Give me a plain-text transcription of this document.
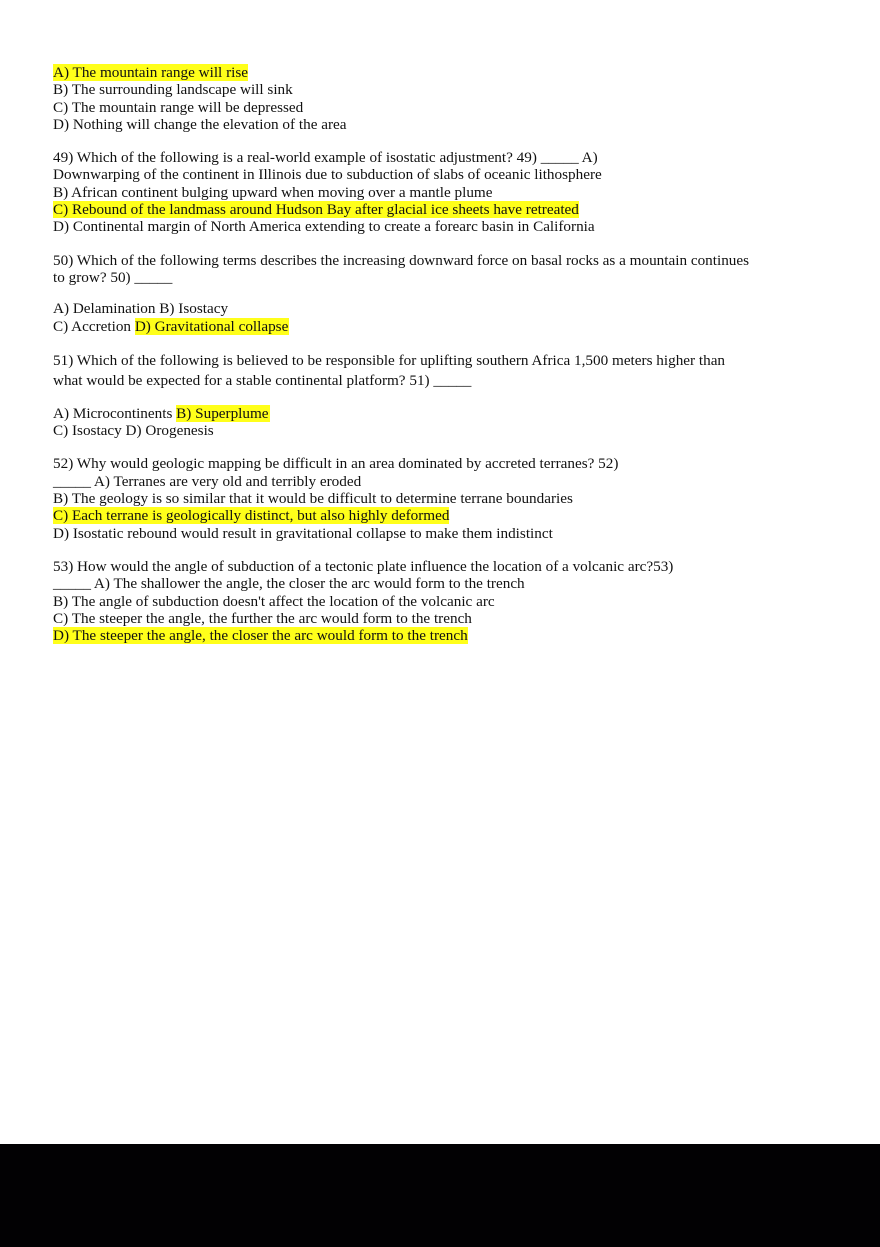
A) The mountain range will rise
B) The surrounding landscape will sink
C) The mountain range will be depressed
D) Nothing will change the elevation of the area
49) Which of the following is a real-world example of isostatic adjustment? 49) _____ A)
Downwarping of the continent in Illinois due to subduction of slabs of oceanic lithosphere
B) African continent bulging upward when moving over a mantle plume
C) Rebound of the landmass around Hudson Bay after glacial ice sheets have retreated
D) Continental margin of North America extending to create a forearc basin in California
50) Which of the following terms describes the increasing downward force on basal rocks as a mountain continues
to grow? 50) _____
A) Delamination B) Isostacy
C) Accretion D) Gravitational collapse
51) Which of the following is believed to be responsible for uplifting southern Africa 1,500 meters higher than
what would be expected for a stable continental platform? 51) _____
A) Microcontinents B) Superplume
C) Isostacy D) Orogenesis
52) Why would geologic mapping be difficult in an area dominated by accreted terranes? 52)
_____ A) Terranes are very old and terribly eroded
B) The geology is so similar that it would be difficult to determine terrane boundaries
C) Each terrane is geologically distinct, but also highly deformed
D) Isostatic rebound would result in gravitational collapse to make them indistinct
53) How would the angle of subduction of a tectonic plate influence the location of a volcanic arc?53)
_____ A) The shallower the angle, the closer the arc would form to the trench
B) The angle of subduction doesn't affect the location of the volcanic arc
C) The steeper the angle, the further the arc would form to the trench
D) The steeper the angle, the closer the arc would form to the trench
